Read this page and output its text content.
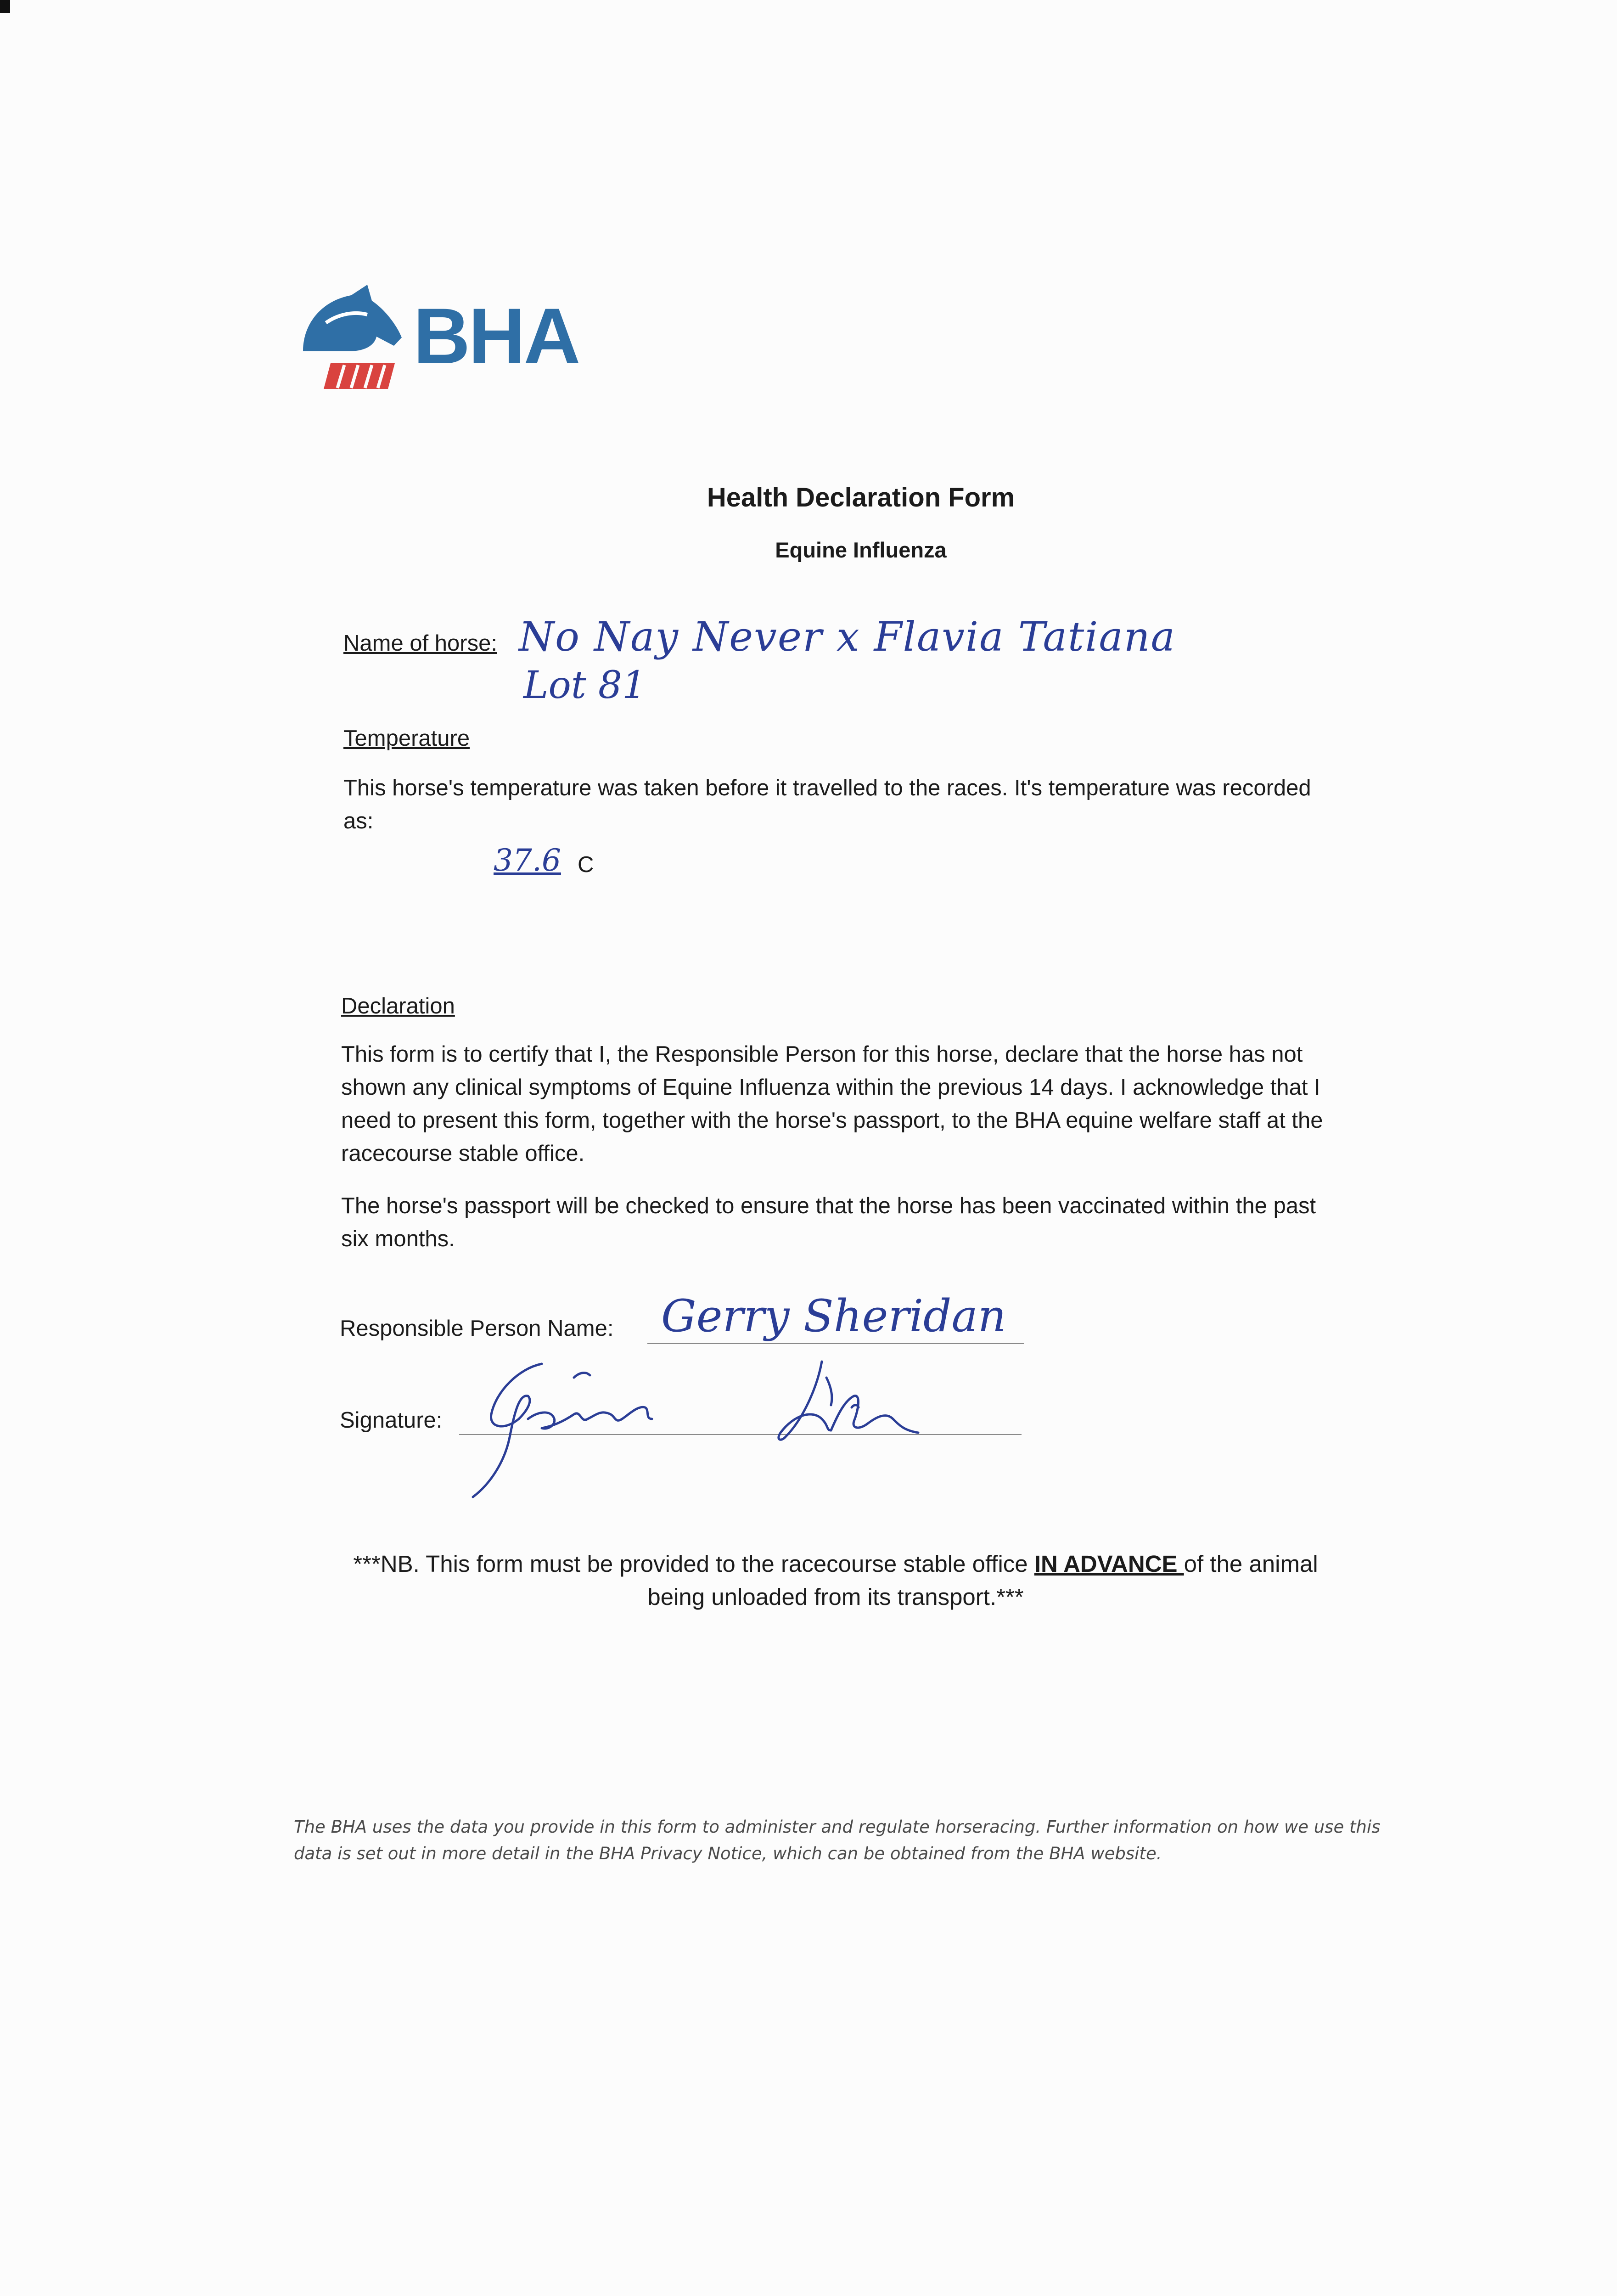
BHA
Health Declaration Form
Equine Influenza
Name of horse: No Nay Never x Flavia Tatiana
Lot 81
Temperature
This horse's temperature was taken before it travelled to the races. It's temperature was recorded as:
37.6 C
Declaration
This form is to certify that I, the Responsible Person for this horse, declare that the horse has not shown any clinical symptoms of Equine Influenza within the previous 14 days. I acknowledge that I need to present this form, together with the horse's passport, to the BHA equine welfare staff at the racecourse stable office.
The horse's passport will be checked to ensure that the horse has been vaccinated within the past six months.
Responsible Person Name: Gerry Sheridan
Signature:
***NB. This form must be provided to the racecourse stable office IN ADVANCE of the animal being unloaded from its transport.***
The BHA uses the data you provide in this form to administer and regulate horseracing. Further information on how we use this data is set out in more detail in the BHA Privacy Notice, which can be obtained from the BHA website.
